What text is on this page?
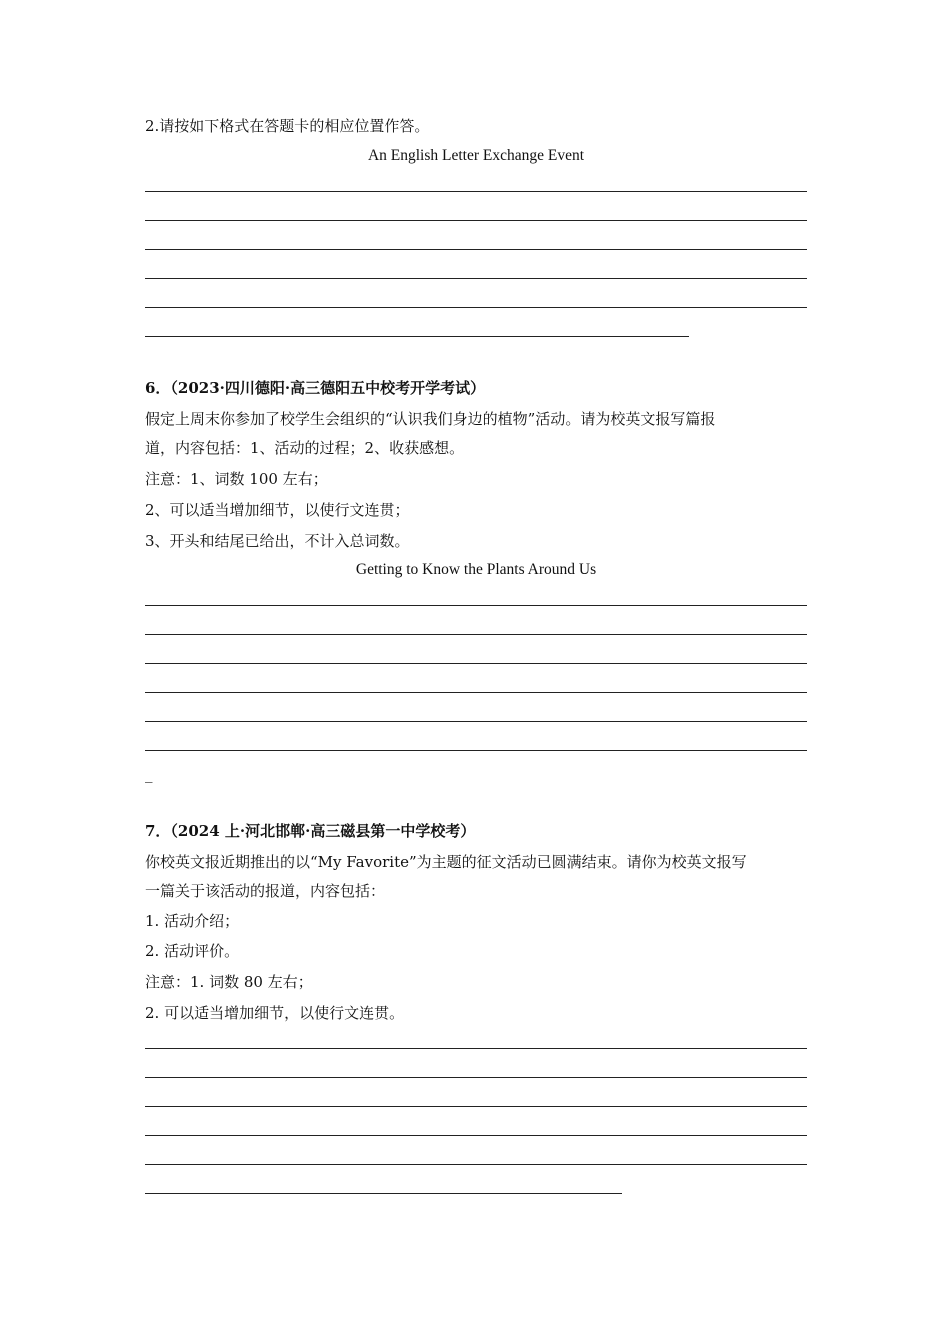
2.请按如下格式在答题卡的相应位置作答。
An English Letter Exchange Event
6．（2023·四川德阳·高三德阳五中校考开学考试）
假定上周末你参加了校学生会组织的“认识我们身边的植物”活动。请为校英文报写篇报
道，内容包括：1、活动的过程；2、收获感想。
注意：1、词数 100 左右；
2、可以适当增加细节，以使行文连贯；
3、开头和结尾已给出，不计入总词数。
Getting to Know the Plants Around Us
_
7．（2024 上·河北邯郸·高三磁县第一中学校考）
你校英文报近期推出的以“My Favorite”为主题的征文活动已圆满结束。请你为校英文报写
一篇关于该活动的报道，内容包括：
1. 活动介绍；
2. 活动评价。
注意：1. 词数 80 左右；
2. 可以适当增加细节，以使行文连贯。
